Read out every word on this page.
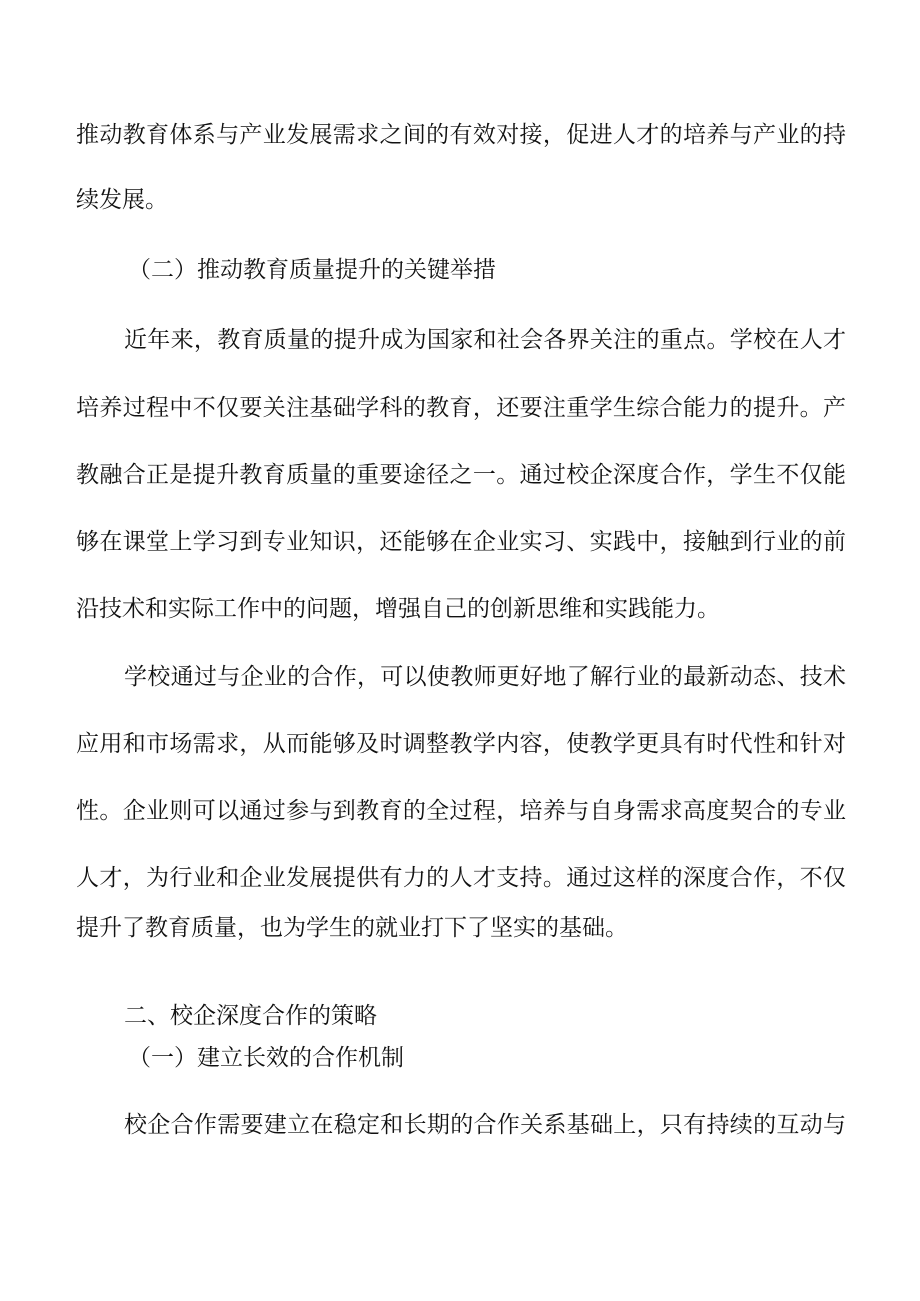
推动教育体系与产业发展需求之间的有效对接，促进人才的培养与产业的持
续发展。
（二）推动教育质量提升的关键举措
近年来，教育质量的提升成为国家和社会各界关注的重点。学校在人才
培养过程中不仅要关注基础学科的教育，还要注重学生综合能力的提升。产
教融合正是提升教育质量的重要途径之一。通过校企深度合作，学生不仅能
够在课堂上学习到专业知识，还能够在企业实习、实践中，接触到行业的前
沿技术和实际工作中的问题，增强自己的创新思维和实践能力。
学校通过与企业的合作，可以使教师更好地了解行业的最新动态、技术
应用和市场需求，从而能够及时调整教学内容，使教学更具有时代性和针对
性。企业则可以通过参与到教育的全过程，培养与自身需求高度契合的专业
人才，为行业和企业发展提供有力的人才支持。通过这样的深度合作，不仅
提升了教育质量，也为学生的就业打下了坚实的基础。
二、校企深度合作的策略
（一）建立长效的合作机制
校企合作需要建立在稳定和长期的合作关系基础上，只有持续的互动与
